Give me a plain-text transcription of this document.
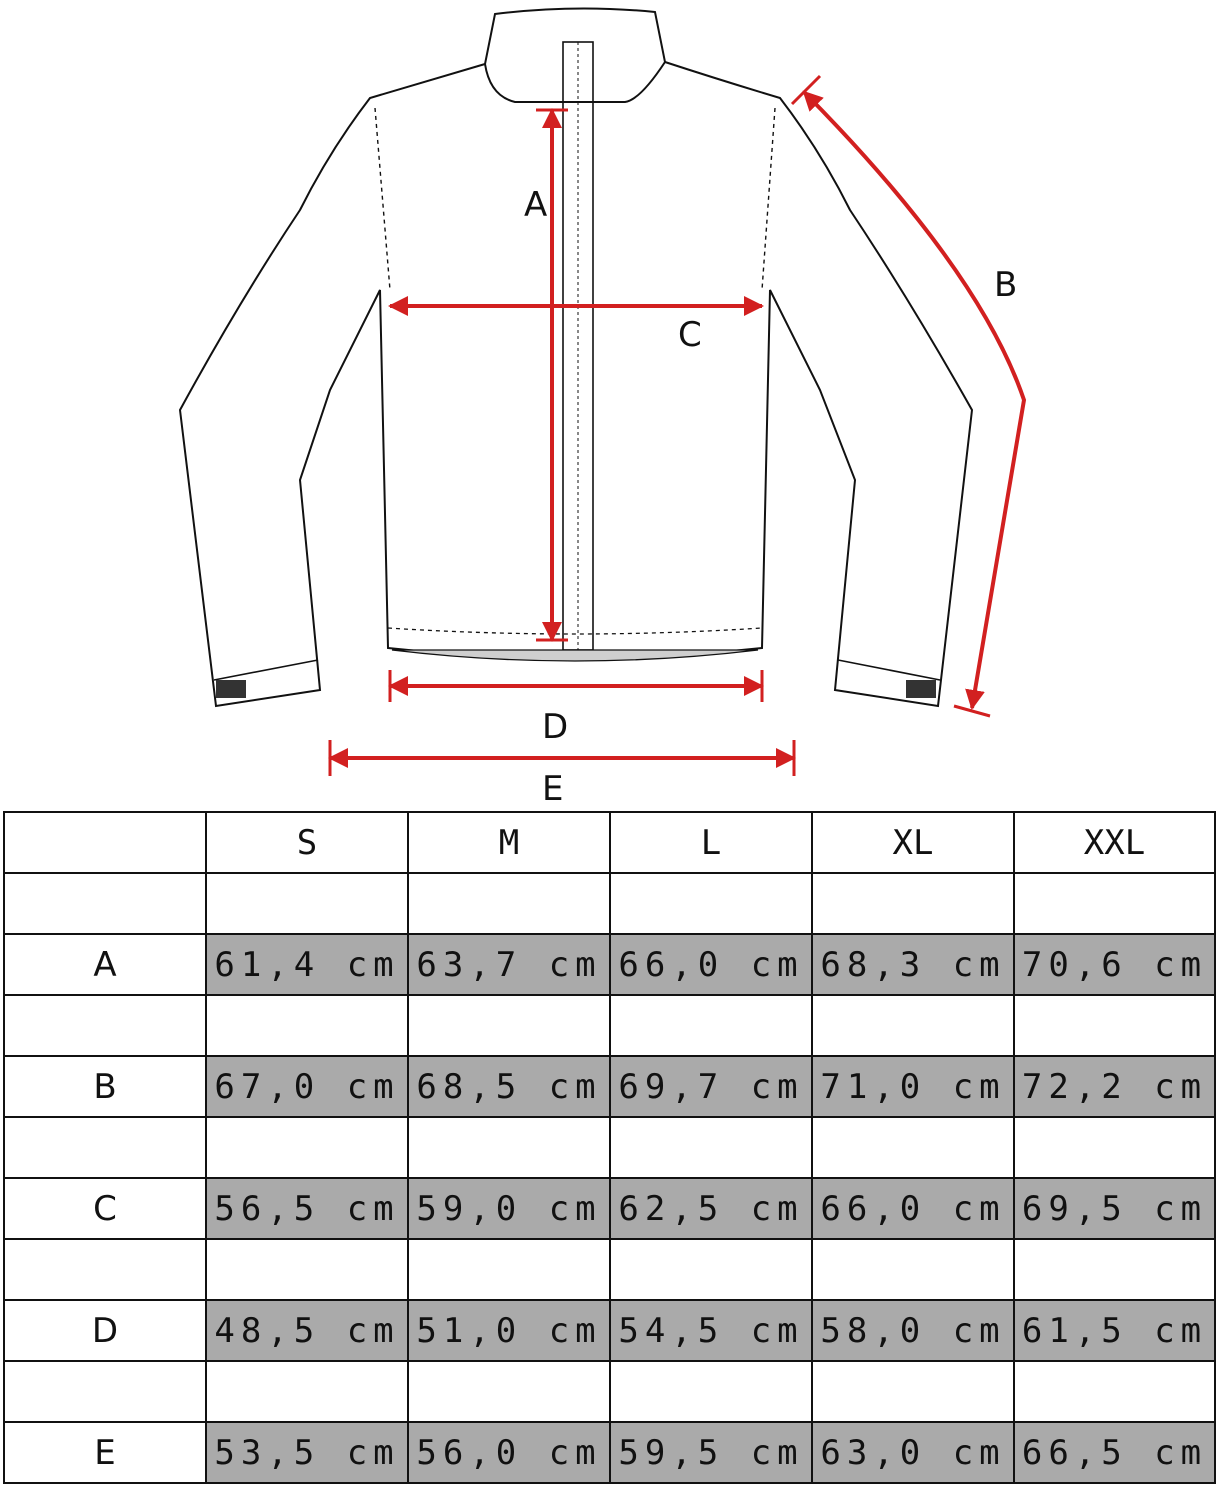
A
B
C
D
E
	S	M	L	XL	XXL

A	61,4 cm	63,7 cm	66,0 cm	68,3 cm	70,6 cm

B	67,0 cm	68,5 cm	69,7 cm	71,0 cm	72,2 cm

C	56,5 cm	59,0 cm	62,5 cm	66,0 cm	69,5 cm

D	48,5 cm	51,0 cm	54,5 cm	58,0 cm	61,5 cm

E	53,5 cm	56,0 cm	59,5 cm	63,0 cm	66,5 cm
